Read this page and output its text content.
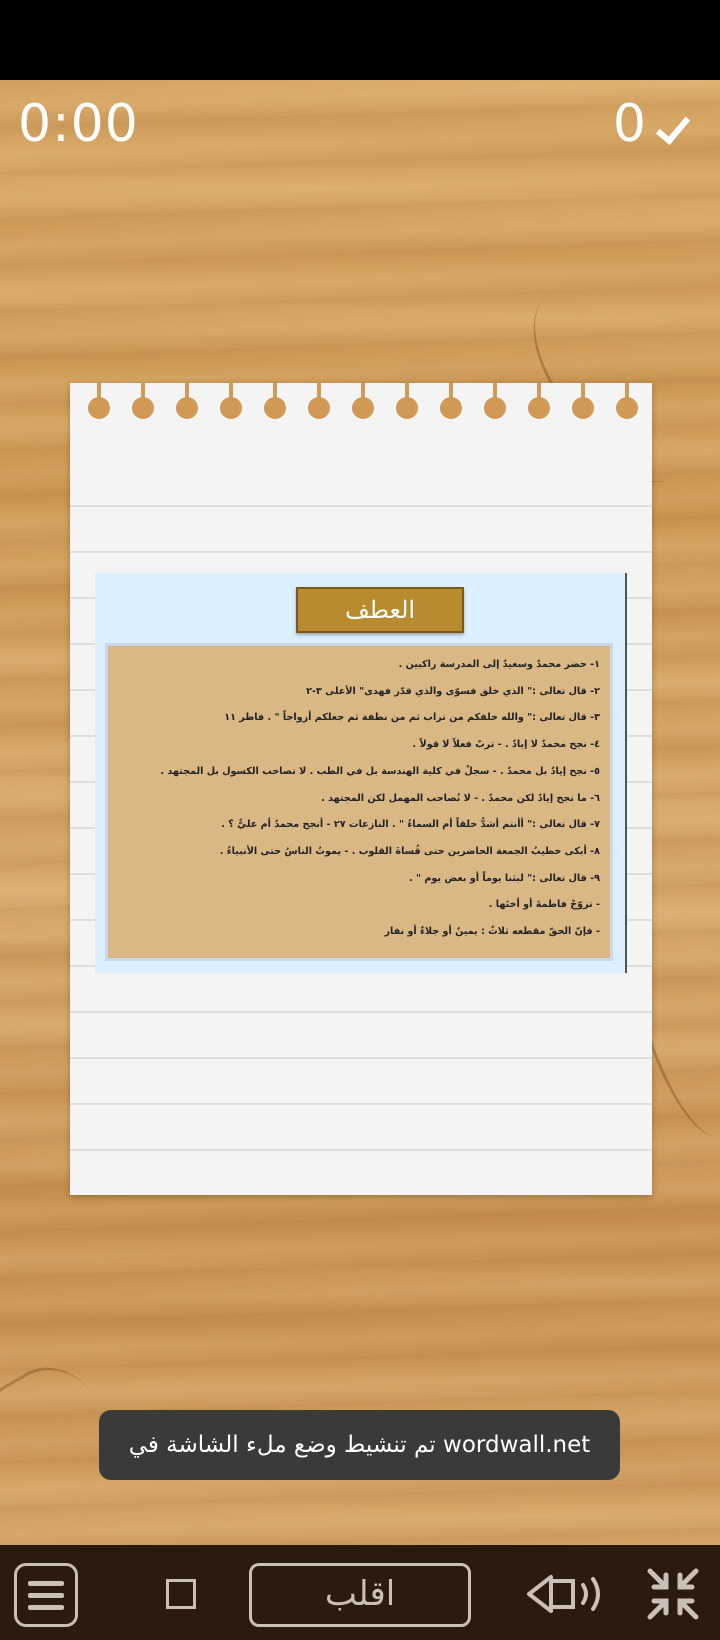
0:00	0
العطف
١- حضر محمدٌ وسعيدٌ إلى المدرسة راكبين .
٢- قال تعالى :" الذي خلق فسوّى والذي قدّر فهدى" الأعلى ٣-٢
٣- قال تعالى :" والله خلقكم من تراب ثم من نطفة ثم جعلكم أزواجاً " . فاطر ١١
٤- نجح محمدٌ لا إيادٌ . - تربّ فعلاً لا قولاً .
٥- نجح إيادٌ بل محمدٌ . - سجلْ في كلية الهندسة بل في الطب . لا تصاحب الكسول بل المجتهد .
٦- ما نجح إيادٌ لكن محمدٌ . - لا تُصاحب المهمل لكن المجتهد .
٧- قال تعالى :" أأنتم أشدُّ خلقاً أم السماءُ " . النازعات ٢٧ - أنجح محمدٌ أم عليٌّ ؟ .
٨- أبكى خطيبُ الجمعة الحاضرين حتى قُساةَ القلوب . - يموتُ الناسُ حتى الأنبياءُ .
٩- قال تعالى :" لبثنا يوماً أو بعض يوم " .
- تزوّجْ فاطمةَ أو أختَها .
- فإنّ الحقّ مقطعه ثلاثٌ : يمينٌ أو جلاءٌ أو نفار
تم تنشيط وضع ملء الشاشة في wordwall.net
اقلب
